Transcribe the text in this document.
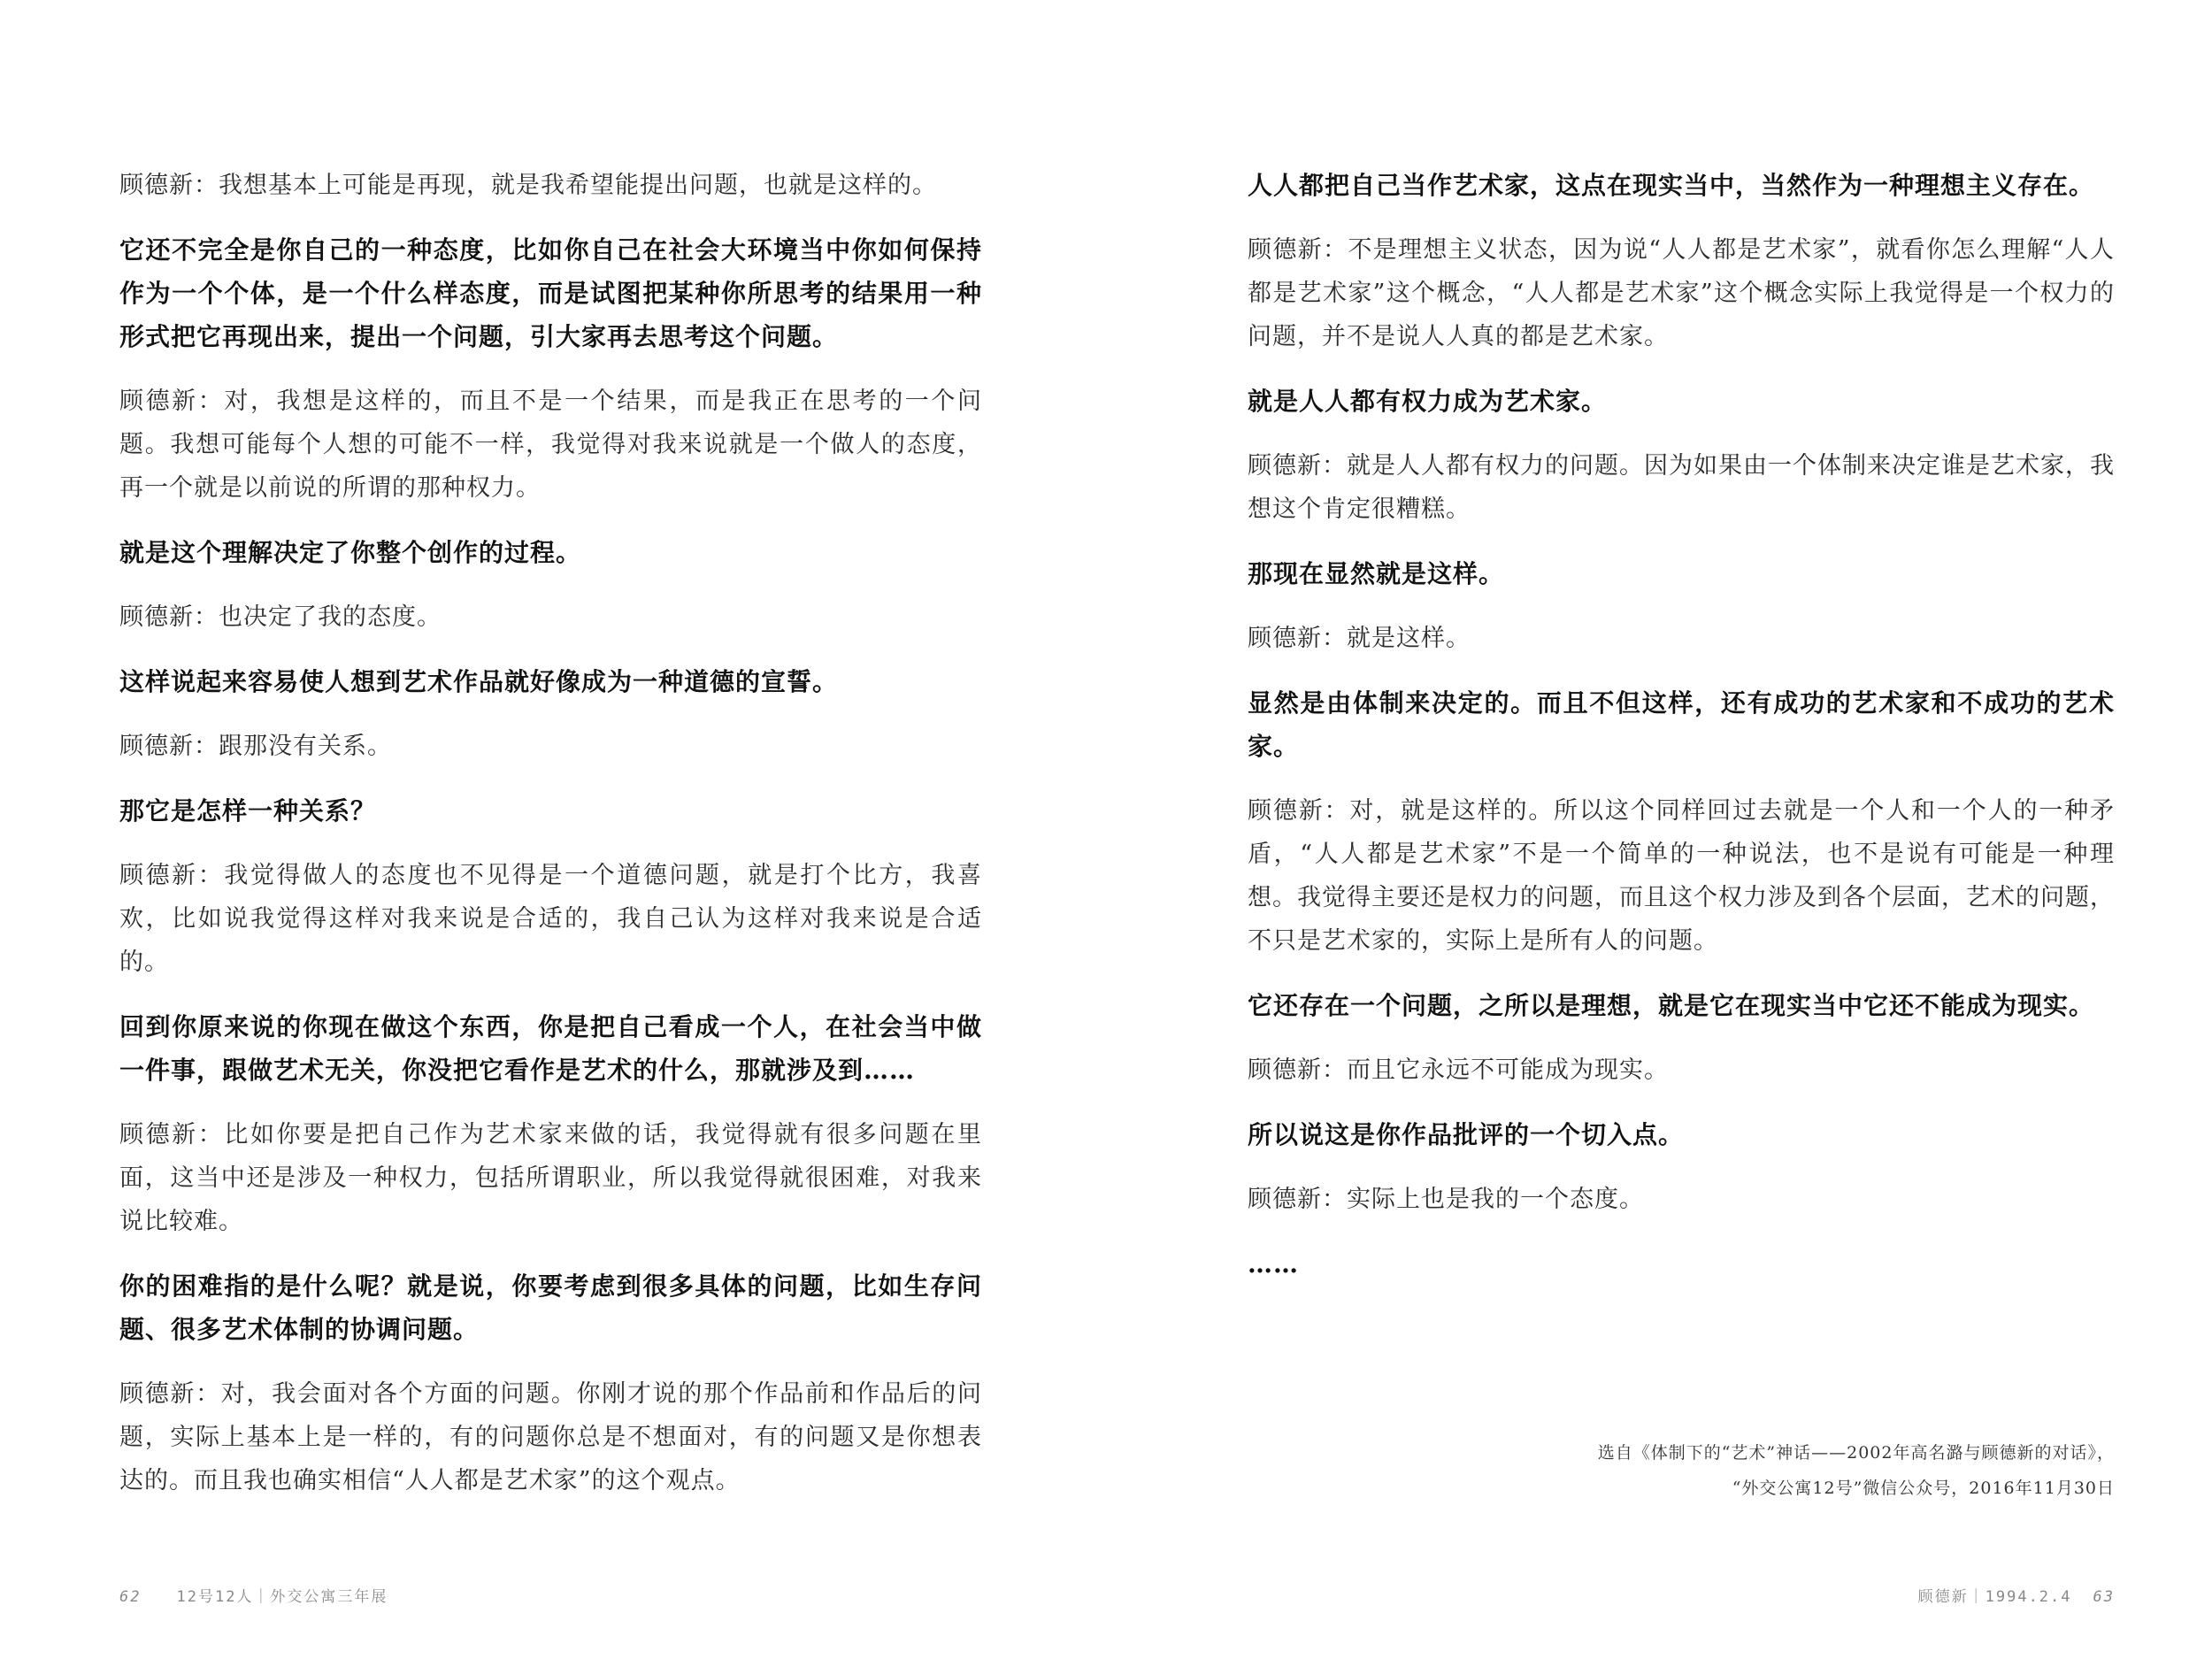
顾德新：我想基本上可能是再现，就是我希望能提出问题，也就是这样的。

它还不完全是你自己的一种态度，比如你自己在社会大环境当中你如何保持作为一个个体，是一个什么样态度，而是试图把某种你所思考的结果用一种形式把它再现出来，提出一个问题，引大家再去思考这个问题。

顾德新：对，我想是这样的，而且不是一个结果，而是我正在思考的一个问题。我想可能每个人想的可能不一样，我觉得对我来说就是一个做人的态度，再一个就是以前说的所谓的那种权力。

就是这个理解决定了你整个创作的过程。

顾德新：也决定了我的态度。

这样说起来容易使人想到艺术作品就好像成为一种道德的宣誓。

顾德新：跟那没有关系。

那它是怎样一种关系？

顾德新：我觉得做人的态度也不见得是一个道德问题，就是打个比方，我喜欢，比如说我觉得这样对我来说是合适的，我自己认为这样对我来说是合适的。

回到你原来说的你现在做这个东西，你是把自己看成一个人，在社会当中做一件事，跟做艺术无关，你没把它看作是艺术的什么，那就涉及到……

顾德新：比如你要是把自己作为艺术家来做的话，我觉得就有很多问题在里面，这当中还是涉及一种权力，包括所谓职业，所以我觉得就很困难，对我来说比较难。

你的困难指的是什么呢？就是说，你要考虑到很多具体的问题，比如生存问题、很多艺术体制的协调问题。

顾德新：对，我会面对各个方面的问题。你刚才说的那个作品前和作品后的问题，实际上基本上是一样的，有的问题你总是不想面对，有的问题又是你想表达的。而且我也确实相信“人人都是艺术家”的这个观点。

62 12号12人｜外交公寓三年展

人人都把自己当作艺术家，这点在现实当中，当然作为一种理想主义存在。

顾德新：不是理想主义状态，因为说“人人都是艺术家”，就看你怎么理解“人人都是艺术家”这个概念，“人人都是艺术家”这个概念实际上我觉得是一个权力的问题，并不是说人人真的都是艺术家。

就是人人都有权力成为艺术家。

顾德新：就是人人都有权力的问题。因为如果由一个体制来决定谁是艺术家，我想这个肯定很糟糕。

那现在显然就是这样。

顾德新：就是这样。

显然是由体制来决定的。而且不但这样，还有成功的艺术家和不成功的艺术家。

顾德新：对，就是这样的。所以这个同样回过去就是一个人和一个人的一种矛盾，“人人都是艺术家”不是一个简单的一种说法，也不是说有可能是一种理想。我觉得主要还是权力的问题，而且这个权力涉及到各个层面，艺术的问题，不只是艺术家的，实际上是所有人的问题。

它还存在一个问题，之所以是理想，就是它在现实当中它还不能成为现实。

顾德新：而且它永远不可能成为现实。

所以说这是你作品批评的一个切入点。

顾德新：实际上也是我的一个态度。

……

选自《体制下的“艺术”神话——2002年高名潞与顾德新的对话》，
“外交公寓12号”微信公众号，2016年11月30日
顾德新｜1994.2.4 63
